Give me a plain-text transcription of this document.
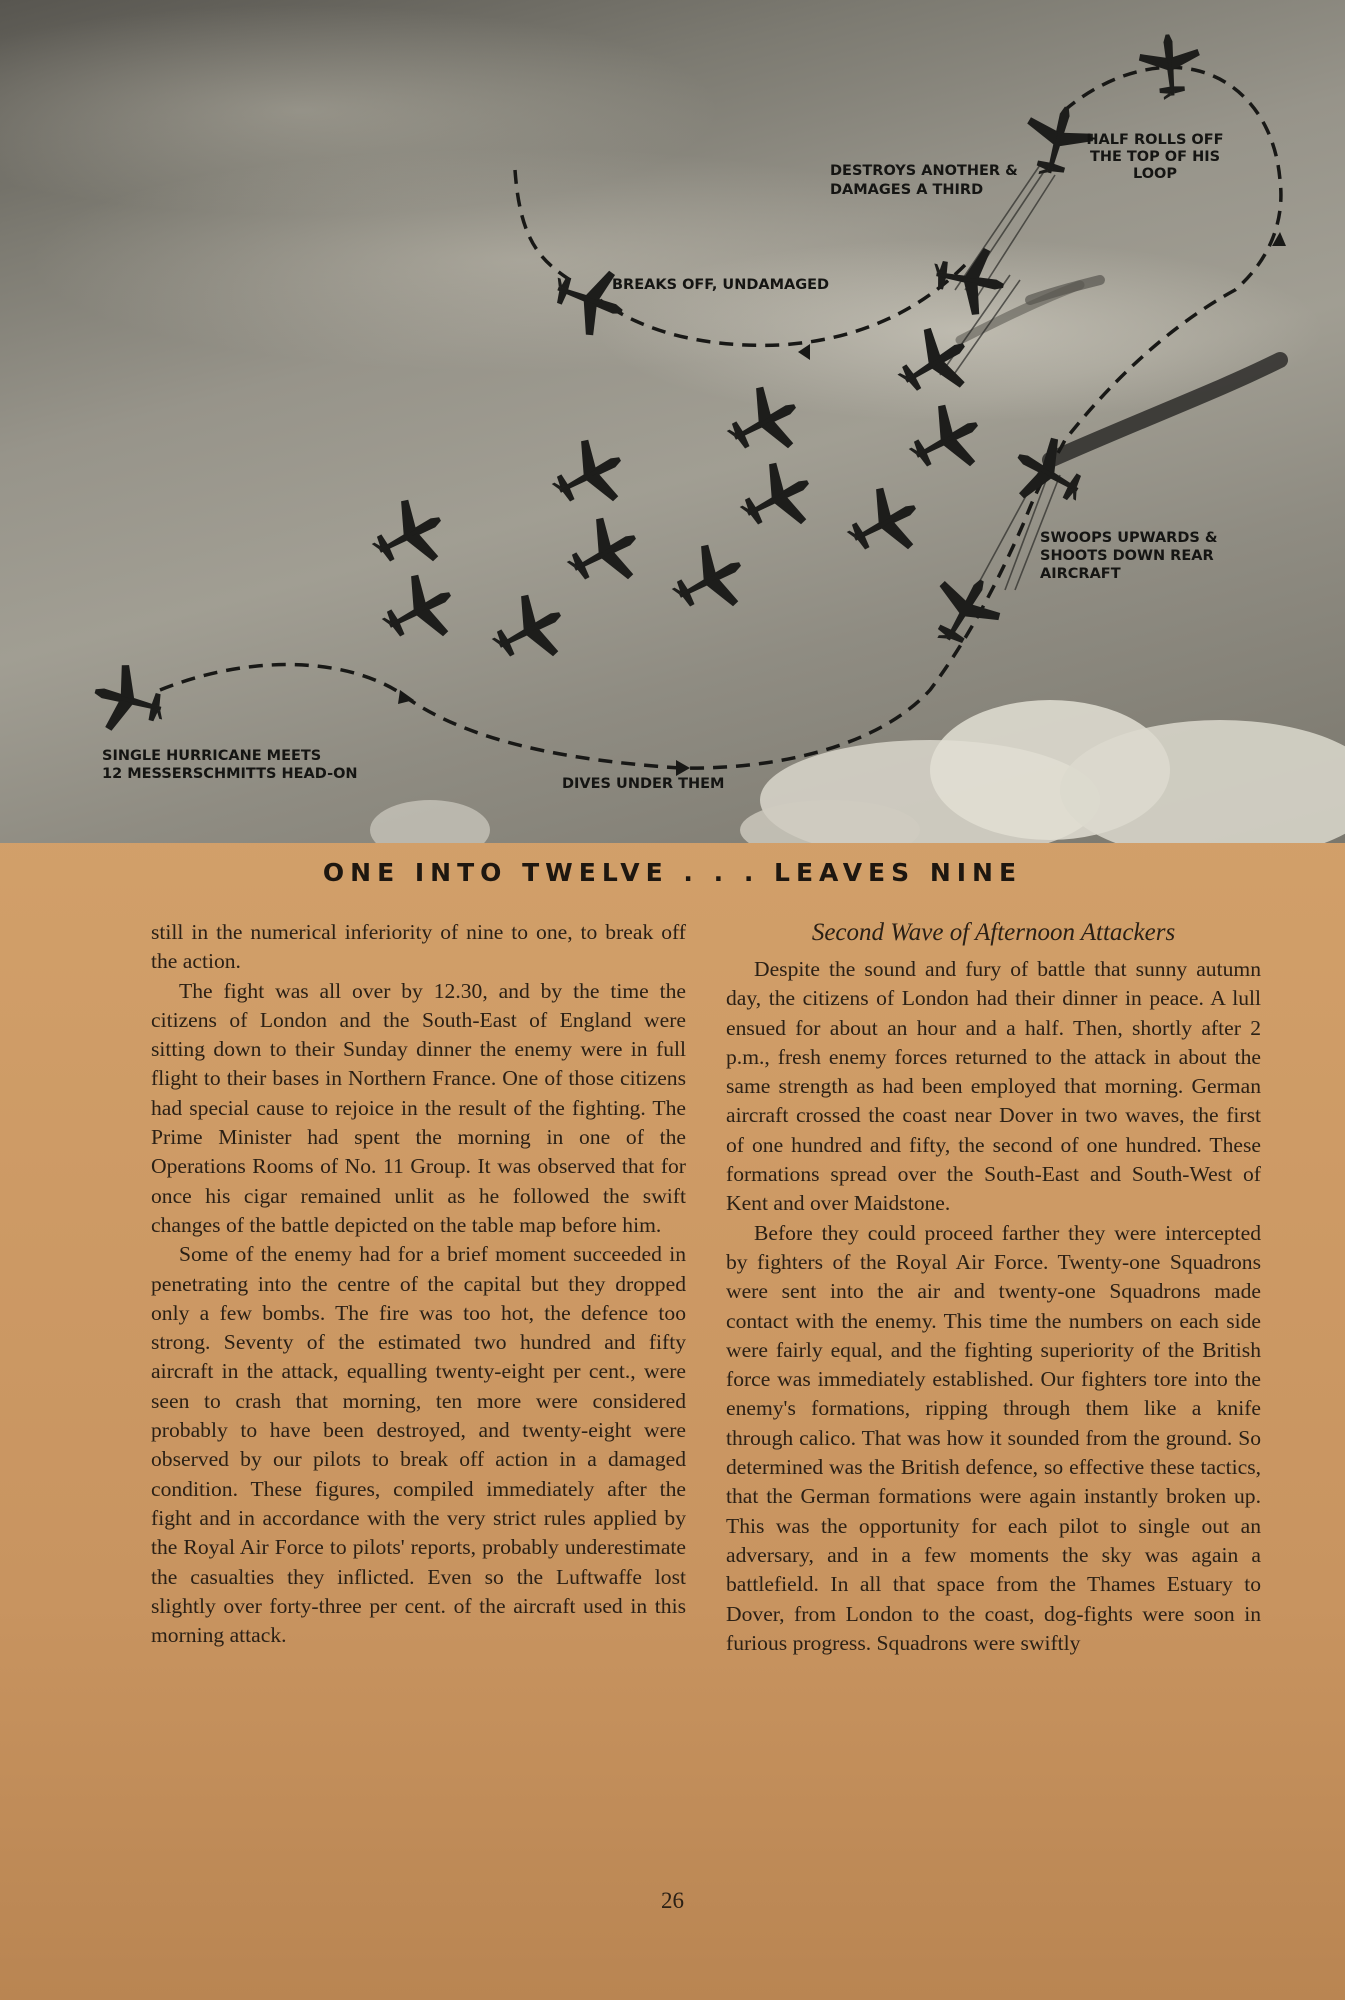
SINGLE HURRICANE MEETS 12 MESSERSCHMITTS HEAD-ON
DIVES UNDER THEM
SWOOPS UPWARDS & SHOOTS DOWN REAR AIRCRAFT
HALF ROLLS OFF THE TOP OF HIS LOOP
DESTROYS ANOTHER & DAMAGES A THIRD
BREAKS OFF, UNDAMAGED
ONE INTO TWELVE . . . LEAVES NINE

still in the numerical inferiority of nine to one, to break off the action.

The fight was all over by 12.30, and by the time the citizens of London and the South-East of England were sitting down to their Sunday dinner the enemy were in full flight to their bases in Northern France. One of those citizens had special cause to rejoice in the result of the fighting. The Prime Minister had spent the morning in one of the Operations Rooms of No. 11 Group. It was observed that for once his cigar remained unlit as he followed the swift changes of the battle depicted on the table map before him.

Some of the enemy had for a brief moment succeeded in penetrating into the centre of the capital but they dropped only a few bombs. The fire was too hot, the defence too strong. Seventy of the estimated two hundred and fifty aircraft in the attack, equalling twenty-eight per cent., were seen to crash that morning, ten more were considered probably to have been destroyed, and twenty-eight were observed by our pilots to break off action in a damaged condition. These figures, compiled immediately after the fight and in accordance with the very strict rules applied by the Royal Air Force to pilots' reports, probably underestimate the casualties they inflicted. Even so the Luftwaffe lost slightly over forty-three per cent. of the aircraft used in this morning attack.

Second Wave of Afternoon Attackers

Despite the sound and fury of battle that sunny autumn day, the citizens of London had their dinner in peace. A lull ensued for about an hour and a half. Then, shortly after 2 p.m., fresh enemy forces returned to the attack in about the same strength as had been employed that morning. German aircraft crossed the coast near Dover in two waves, the first of one hundred and fifty, the second of one hundred. These formations spread over the South-East and South-West of Kent and over Maidstone.

Before they could proceed farther they were intercepted by fighters of the Royal Air Force. Twenty-one Squadrons were sent into the air and twenty-one Squadrons made contact with the enemy. This time the numbers on each side were fairly equal, and the fighting superiority of the British force was immediately established. Our fighters tore into the enemy's formations, ripping through them like a knife through calico. That was how it sounded from the ground. So determined was the British defence, so effective these tactics, that the German formations were again instantly broken up. This was the opportunity for each pilot to single out an adversary, and in a few moments the sky was again a battlefield. In all that space from the Thames Estuary to Dover, from London to the coast, dog-fights were soon in furious progress. Squadrons were swiftly

26
